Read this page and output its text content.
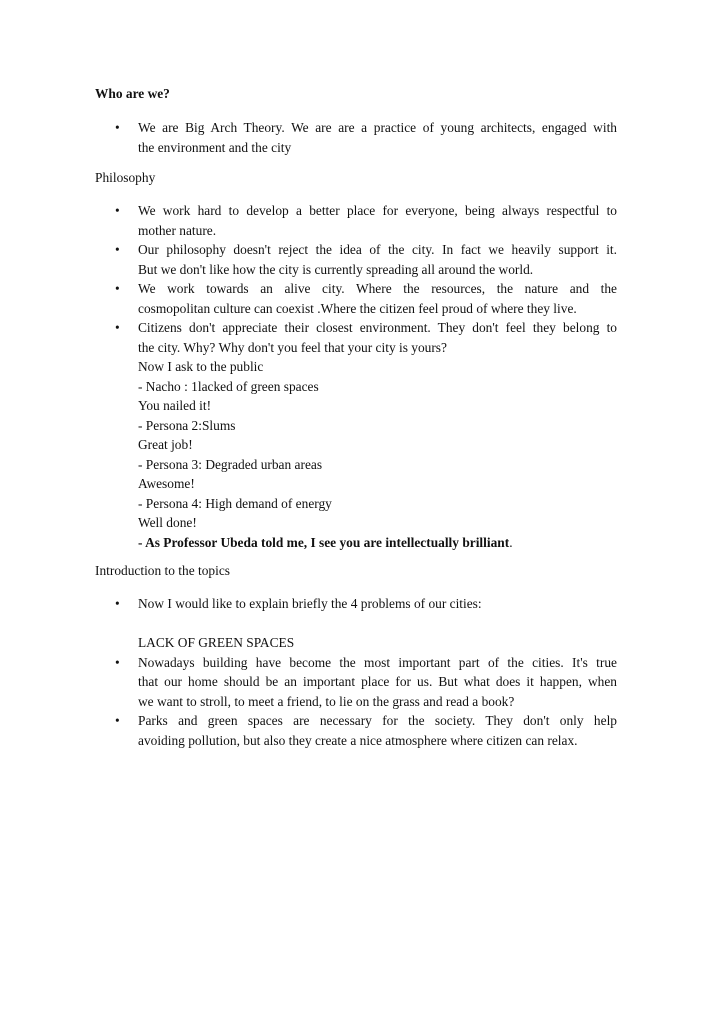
Who are we?
• We are Big Arch Theory. We are are a practice of young architects, engaged with
the environment and the city
Philosophy
• We work hard to develop a better place for everyone, being always respectful to
mother nature.
• Our philosophy doesn't reject the idea of the city. In fact we heavily support it.
But we don't like how the city is currently spreading all around the world.
• We work towards an alive city. Where the resources, the nature and the
cosmopolitan culture can coexist .Where the citizen feel proud of where they live.
• Citizens don't appreciate their closest environment. They don't feel they belong to
the city. Why? Why don't you feel that your city is yours?
Now I ask to the public
- Nacho : 1lacked of green spaces
You nailed it!
- Persona 2:Slums
Great job!
- Persona 3: Degraded urban areas
Awesome!
- Persona 4: High demand of energy
Well done!
- As Professor Ubeda told me, I see you are intellectually brilliant.
Introduction to the topics
• Now I would like to explain briefly the 4 problems of our cities:
LACK OF GREEN SPACES
• Nowadays building have become the most important part of the cities. It's true
that our home should be an important place for us. But what does it happen, when
we want to stroll, to meet a friend, to lie on the grass and read a book?
• Parks and green spaces are necessary for the society. They don't only help
avoiding pollution, but also they create a nice atmosphere where citizen can relax.
